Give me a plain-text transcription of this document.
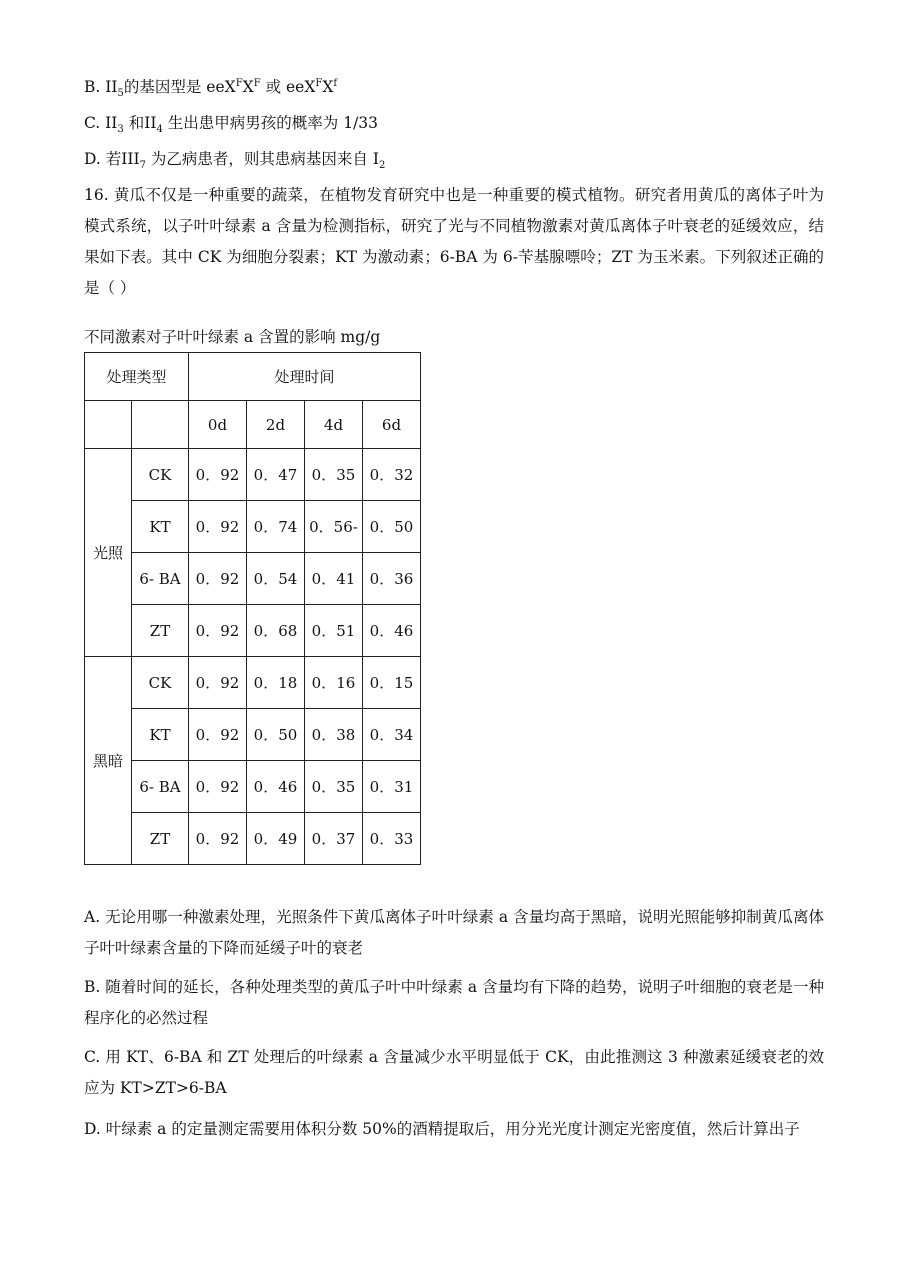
B. $II_5$的基因型是 $eeX^FX^F$ 或 $eeX^FX^f$
C. $II_3$ 和$II_4$ 生出患甲病男孩的概率为 1/33
D. 若$III_7$ 为乙病患者，则其患病基因来自 $I_2$
16. 黄瓜不仅是一种重要的蔬菜，在植物发育研究中也是一种重要的模式植物。研究者用黄瓜的离体子叶为模式系统，以子叶叶绿素 a 含量为检测指标，研究了光与不同植物激素对黄瓜离体子叶衰老的延缓效应，结果如下表。其中 CK 为细胞分裂素；KT 为激动素；6-BA 为 6-苄基腺嘌呤；ZT 为玉米素。下列叙述正确的是（ ）
不同激素对子叶叶绿素 a 含置的影响 mg/g
处理类型		处理时间			
		0d	2d	4d	6d
光照	CK	0．92	0．47	0．35	0．32
	KT	0．92	0．74	0．56-	0．50
	6- BA	0．92	0．54	0．41	0．36
	ZT	0．92	0．68	0．51	0．46
黑暗	CK	0．92	0．18	0．16	0．15
	KT	0．92	0．50	0．38	0．34
	6- BA	0．92	0．46	0．35	0．31
	ZT	0．92	0．49	0．37	0．33
A. 无论用哪一种激素处理，光照条件下黄瓜离体子叶叶绿素 a 含量均高于黑暗，说明光照能够抑制黄瓜离体子叶叶绿素含量的下降而延缓子叶的衰老
B. 随着时间的延长，各种处理类型的黄瓜子叶中叶绿素 a 含量均有下降的趋势，说明子叶细胞的衰老是一种程序化的必然过程
C. 用 KT、6-BA 和 ZT 处理后的叶绿素 a 含量减少水平明显低于 CK，由此推测这 3 种激素延缓衰老的效应为 KT>ZT>6-BA
D. 叶绿素 a 的定量测定需要用体积分数 50%的酒精提取后，用分光光度计测定光密度值，然后计算出子
